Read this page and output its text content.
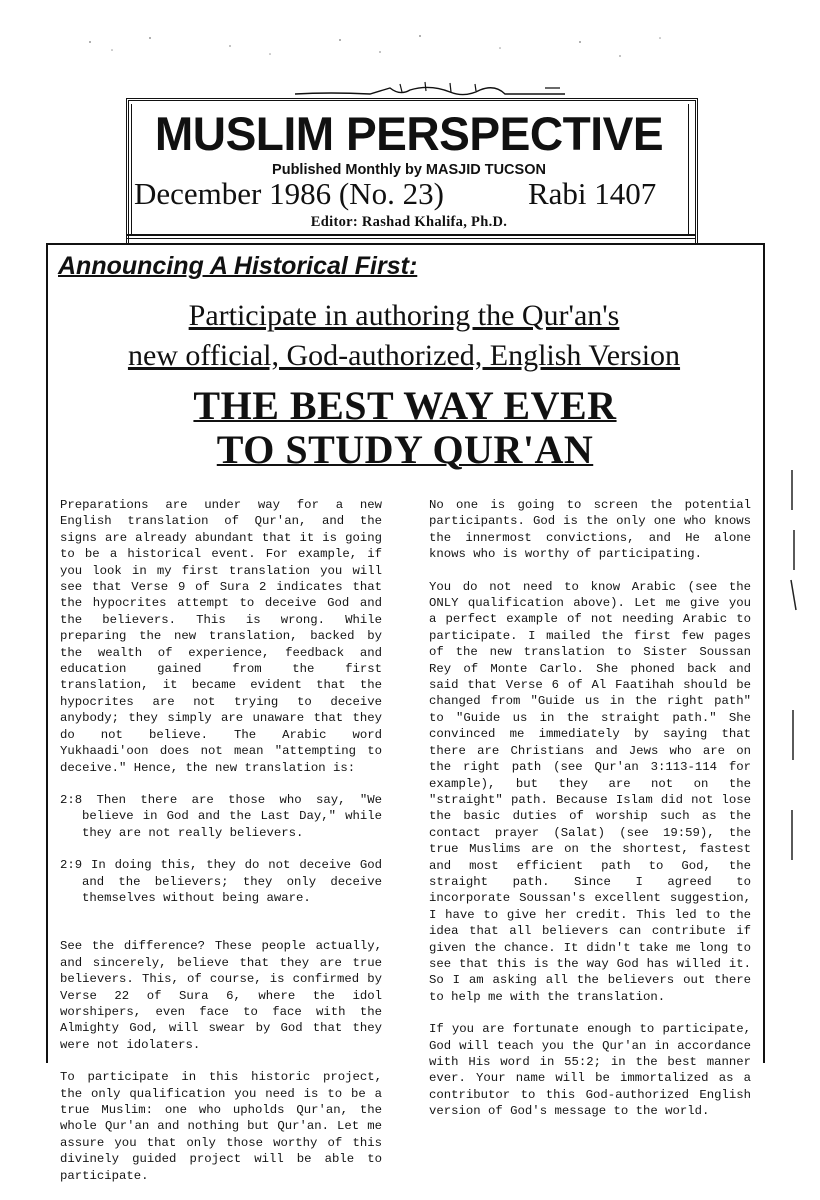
MUSLIM PERSPECTIVE
Published Monthly by MASJID TUCSON
December 1986 (No. 23)	Rabi 1407
Editor: Rashad Khalifa, Ph.D.
Announcing A Historical First:
Participate in authoring the Qur'an's
new official, God-authorized, English Version
THE BEST WAY EVER
TO STUDY QUR'AN

Preparations are under way for a new English translation of Qur'an, and the signs are already abundant that it is going to be a historical event. For example, if you look in my first translation you will see that Verse 9 of Sura 2 indicates that the hypocrites attempt to deceive God and the believers. This is wrong. While preparing the new translation, backed by the wealth of experience, feedback and education gained from the first translation, it became evident that the hypocrites are not trying to deceive anybody; they simply are unaware that they do not believe. The Arabic word Yukhaadi'oon does not mean "attempting to deceive." Hence, the new translation is:

2:8 Then there are those who say, "We believe in God and the Last Day," while they are not really believers.

2:9 In doing this, they do not deceive God and the believers; they only deceive themselves without being aware.

See the difference? These people actually, and sincerely, believe that they are true believers. This, of course, is confirmed by Verse 22 of Sura 6, where the idol worshipers, even face to face with the Almighty God, will swear by God that they were not idolaters.

To participate in this historic project, the only qualification you need is to be a true Muslim: one who upholds Qur'an, the whole Qur'an and nothing but Qur'an. Let me assure you that only those worthy of this divinely guided project will be able to participate.

No one is going to screen the potential participants. God is the only one who knows the innermost convictions, and He alone knows who is worthy of participating.

You do not need to know Arabic (see the ONLY qualification above). Let me give you a perfect example of not needing Arabic to participate. I mailed the first few pages of the new translation to Sister Soussan Rey of Monte Carlo. She phoned back and said that Verse 6 of Al Faatihah should be changed from "Guide us in the right path" to "Guide us in the straight path." She convinced me immediately by saying that there are Christians and Jews who are on the right path (see Qur'an 3:113-114 for example), but they are not on the "straight" path. Because Islam did not lose the basic duties of worship such as the contact prayer (Salat) (see 19:59), the true Muslims are on the shortest, fastest and most efficient path to God, the straight path. Since I agreed to incorporate Soussan's excellent suggestion, I have to give her credit. This led to the idea that all believers can contribute if given the chance. It didn't take me long to see that this is the way God has willed it. So I am asking all the believers out there to help me with the translation.

If you are fortunate enough to participate, God will teach you the Qur'an in accordance with His word in 55:2; in the best manner ever. Your name will be immortalized as a contributor to this God-authorized English version of God's message to the world.
